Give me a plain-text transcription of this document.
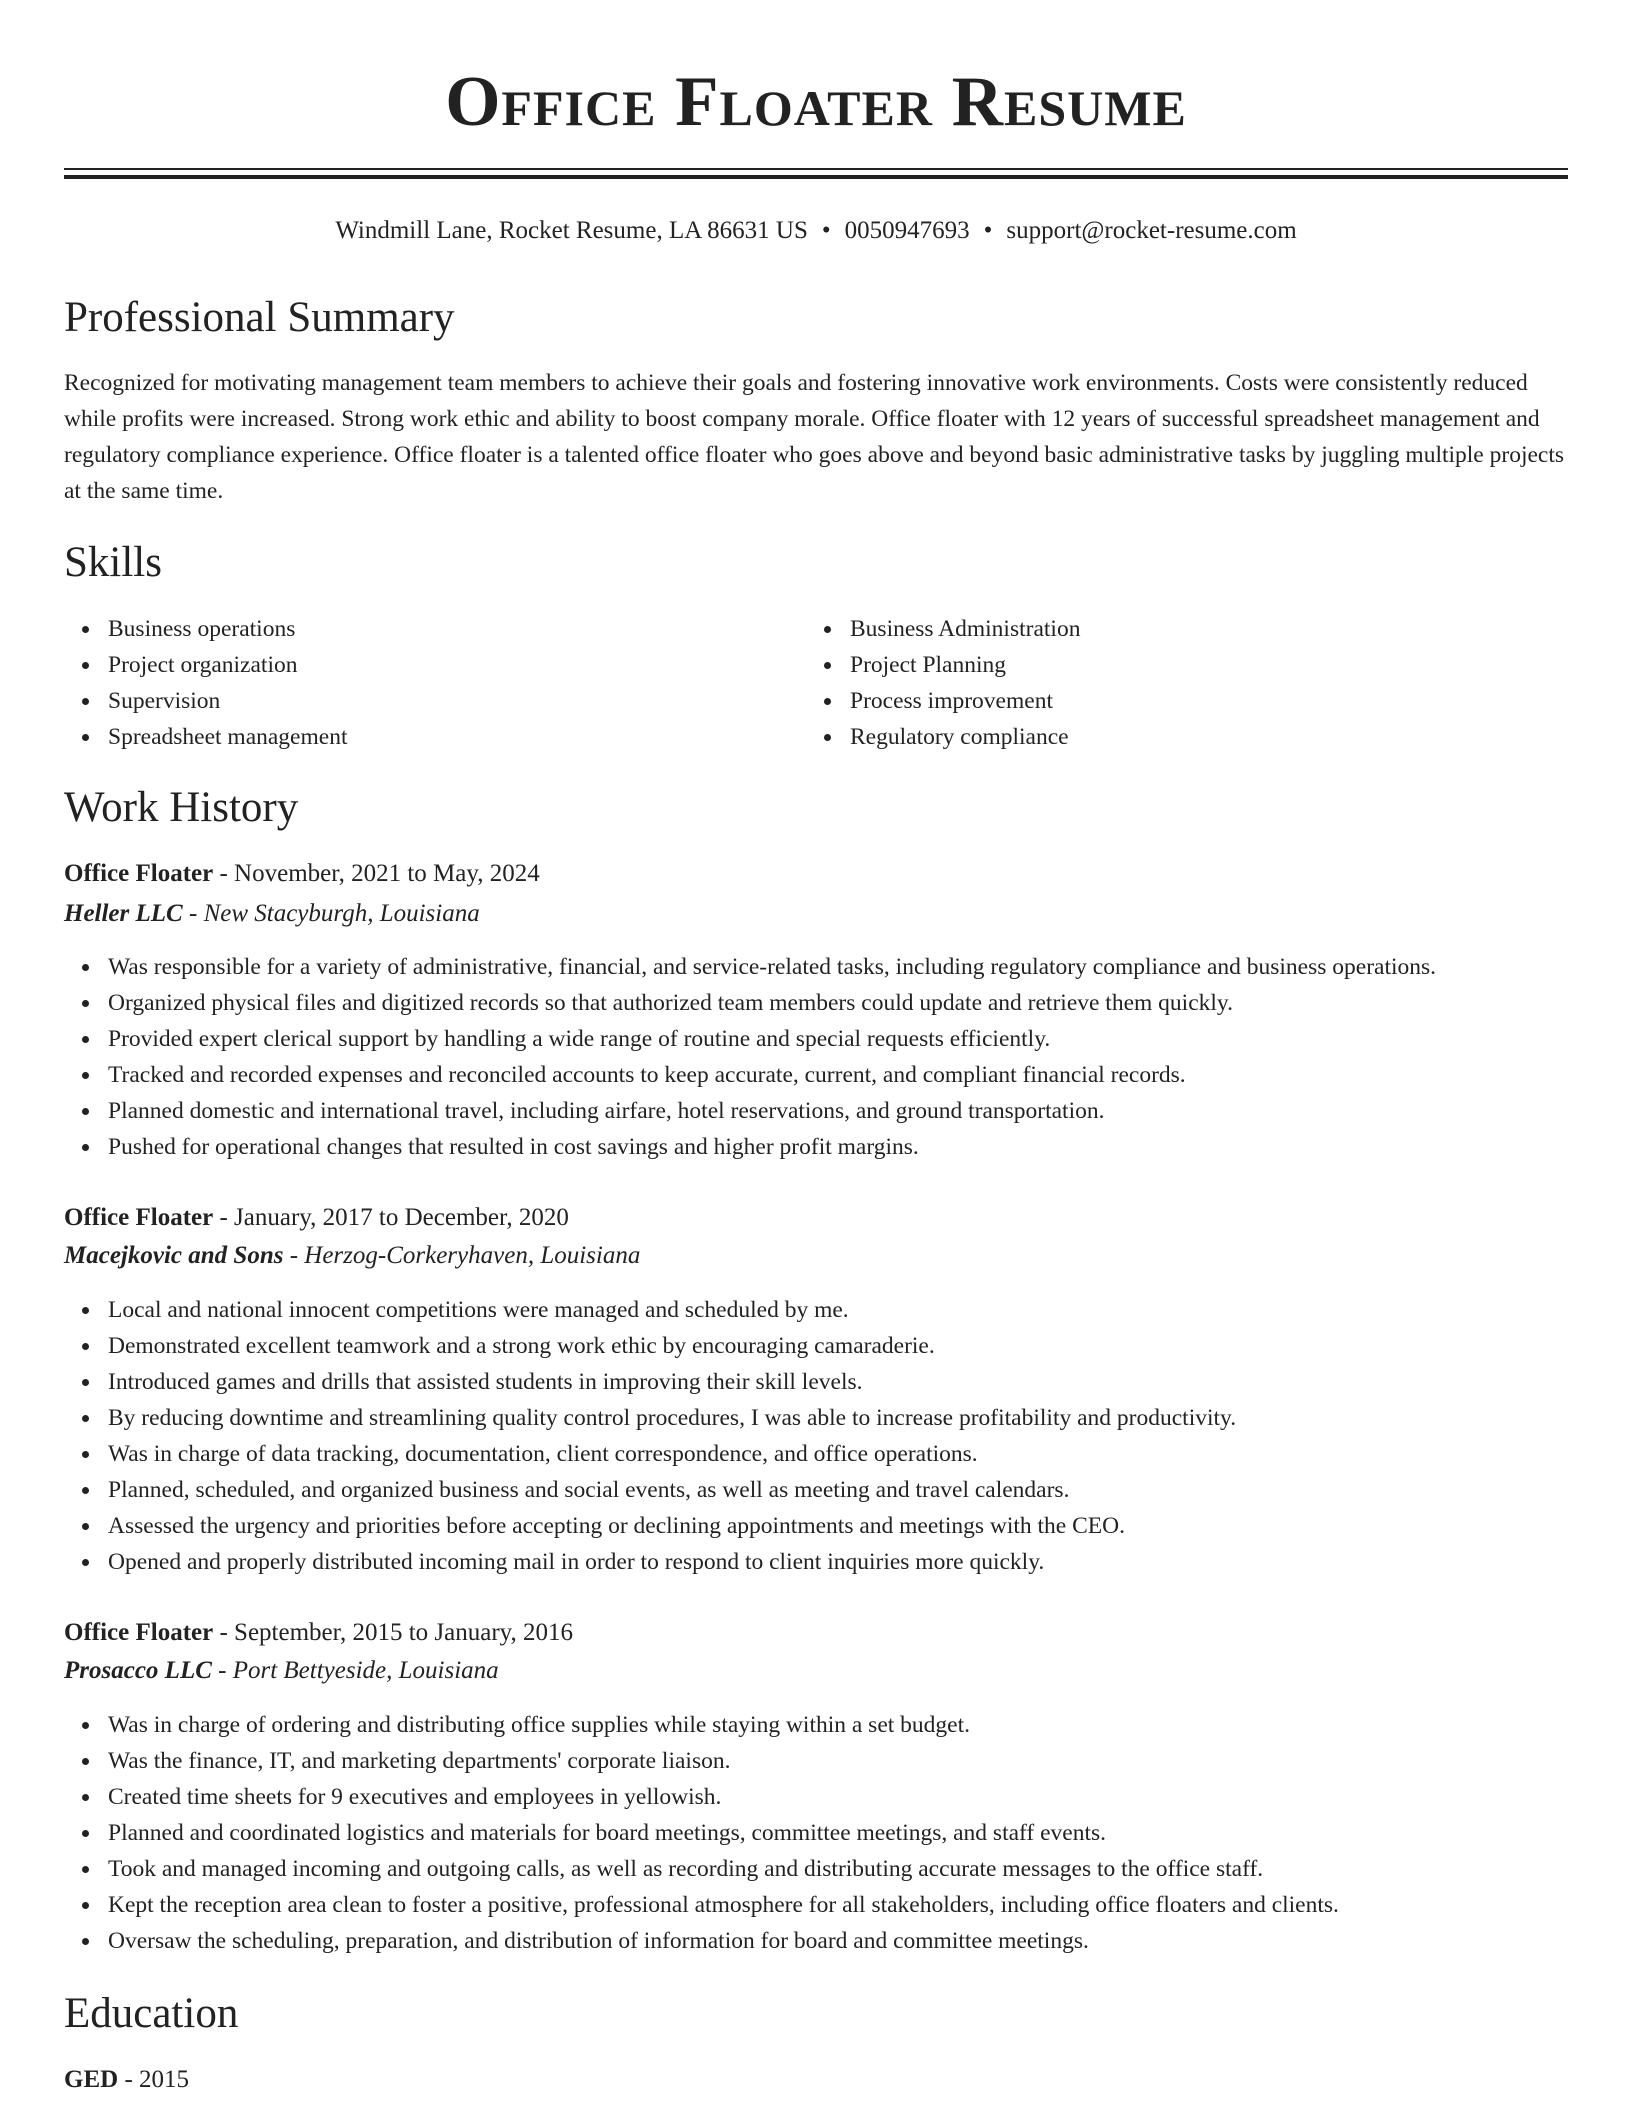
Office Floater Resume
Windmill Lane, Rocket Resume, LA 86631 US • 0050947693 • support@rocket-resume.com
Professional Summary

Recognized for motivating management team members to achieve their goals and fostering innovative work environments. Costs were consistently reduced while profits were increased. Strong work ethic and ability to boost company morale. Office floater with 12 years of successful spreadsheet management and regulatory compliance experience. Office floater is a talented office floater who goes above and beyond basic administrative tasks by juggling multiple projects at the same time.

Skills
Business operations
Project organization
Supervision
Spreadsheet management
Business Administration
Project Planning
Process improvement
Regulatory compliance
Work History
Office Floater - November, 2021 to May, 2024
Heller LLC - New Stacyburgh, Louisiana
Was responsible for a variety of administrative, financial, and service-related tasks, including regulatory compliance and business operations.
Organized physical files and digitized records so that authorized team members could update and retrieve them quickly.
Provided expert clerical support by handling a wide range of routine and special requests efficiently.
Tracked and recorded expenses and reconciled accounts to keep accurate, current, and compliant financial records.
Planned domestic and international travel, including airfare, hotel reservations, and ground transportation.
Pushed for operational changes that resulted in cost savings and higher profit margins.
Office Floater - January, 2017 to December, 2020
Macejkovic and Sons - Herzog-Corkeryhaven, Louisiana
Local and national innocent competitions were managed and scheduled by me.
Demonstrated excellent teamwork and a strong work ethic by encouraging camaraderie.
Introduced games and drills that assisted students in improving their skill levels.
By reducing downtime and streamlining quality control procedures, I was able to increase profitability and productivity.
Was in charge of data tracking, documentation, client correspondence, and office operations.
Planned, scheduled, and organized business and social events, as well as meeting and travel calendars.
Assessed the urgency and priorities before accepting or declining appointments and meetings with the CEO.
Opened and properly distributed incoming mail in order to respond to client inquiries more quickly.
Office Floater - September, 2015 to January, 2016
Prosacco LLC - Port Bettyeside, Louisiana
Was in charge of ordering and distributing office supplies while staying within a set budget.
Was the finance, IT, and marketing departments' corporate liaison.
Created time sheets for 9 executives and employees in yellowish.
Planned and coordinated logistics and materials for board meetings, committee meetings, and staff events.
Took and managed incoming and outgoing calls, as well as recording and distributing accurate messages to the office staff.
Kept the reception area clean to foster a positive, professional atmosphere for all stakeholders, including office floaters and clients.
Oversaw the scheduling, preparation, and distribution of information for board and committee meetings.
Education
GED - 2015
